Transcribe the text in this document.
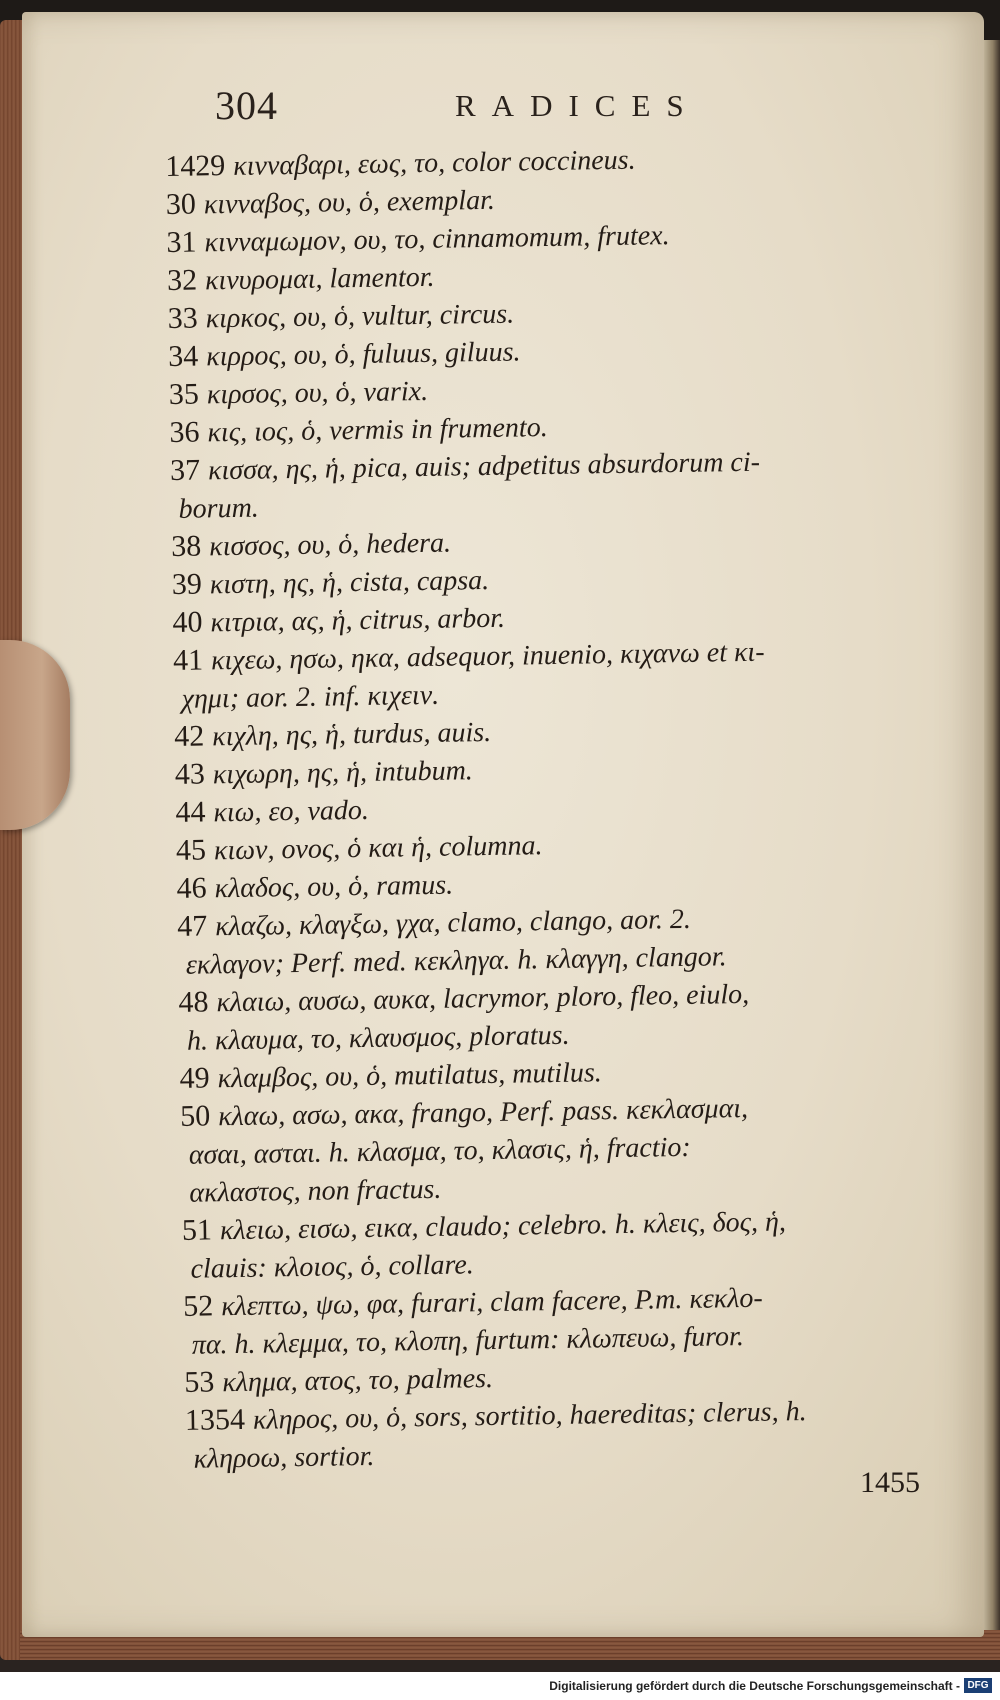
304	RADICES
1429 κινναβαρι, εως, το, color coccineus.
30 κινναβος, ου, ὁ, exemplar.
31 κινναμωμον, ου, το, cinnamomum, frutex.
32 κινυρομαι, lamentor.
33 κιρκος, ου, ὁ, vultur, circus.
34 κιρρος, ου, ὁ, fuluus, giluus.
35 κιρσος, ου, ὁ, varix.
36 κις, ιος, ὁ, vermis in frumento.
37 κισσα, ης, ἡ, pica, auis; adpetitus absurdorum ci-
borum.
38 κισσος, ου, ὁ, hedera.
39 κιστη, ης, ἡ, cista, capsa.
40 κιτρια, ας, ἡ, citrus, arbor.
41 κιχεω, ησω, ηκα, adsequor, inuenio, κιχανω et κι-
χημι; aor. 2. inf. κιχειν.
42 κιχλη, ης, ἡ, turdus, auis.
43 κιχωρη, ης, ἡ, intubum.
44 κιω, εο, vado.
45 κιων, ονος, ὁ και ἡ, columna.
46 κλαδος, ου, ὁ, ramus.
47 κλαζω, κλαγξω, γχα, clamo, clango, aor. 2.
εκλαγον; Perf. med. κεκληγα. h. κλαγγη, clangor.
48 κλαιω, αυσω, αυκα, lacrymor, ploro, fleo, eiulo,
h. κλαυμα, το, κλαυσμος, ploratus.
49 κλαμβος, ου, ὁ, mutilatus, mutilus.
50 κλαω, ασω, ακα, frango, Perf. pass. κεκλασμαι,
ασαι, ασται. h. κλασμα, το, κλασις, ἡ, fractio:
ακλαστος, non fractus.
51 κλειω, εισω, εικα, claudo; celebro. h. κλεις, δος, ἡ,
clauis: κλοιος, ὁ, collare.
52 κλεπτω, ψω, φα, furari, clam facere, P.m. κεκλο-
πα. h. κλεμμα, το, κλοπη, furtum: κλωπευω, furor.
53 κλημα, ατος, το, palmes.
1354 κληρος, ου, ὁ, sors, sortitio, haereditas; clerus, h.
κληροω, sortior.
1455
Digitalisierung gefördert durch die Deutsche Forschungsgemeinschaft - DFG
